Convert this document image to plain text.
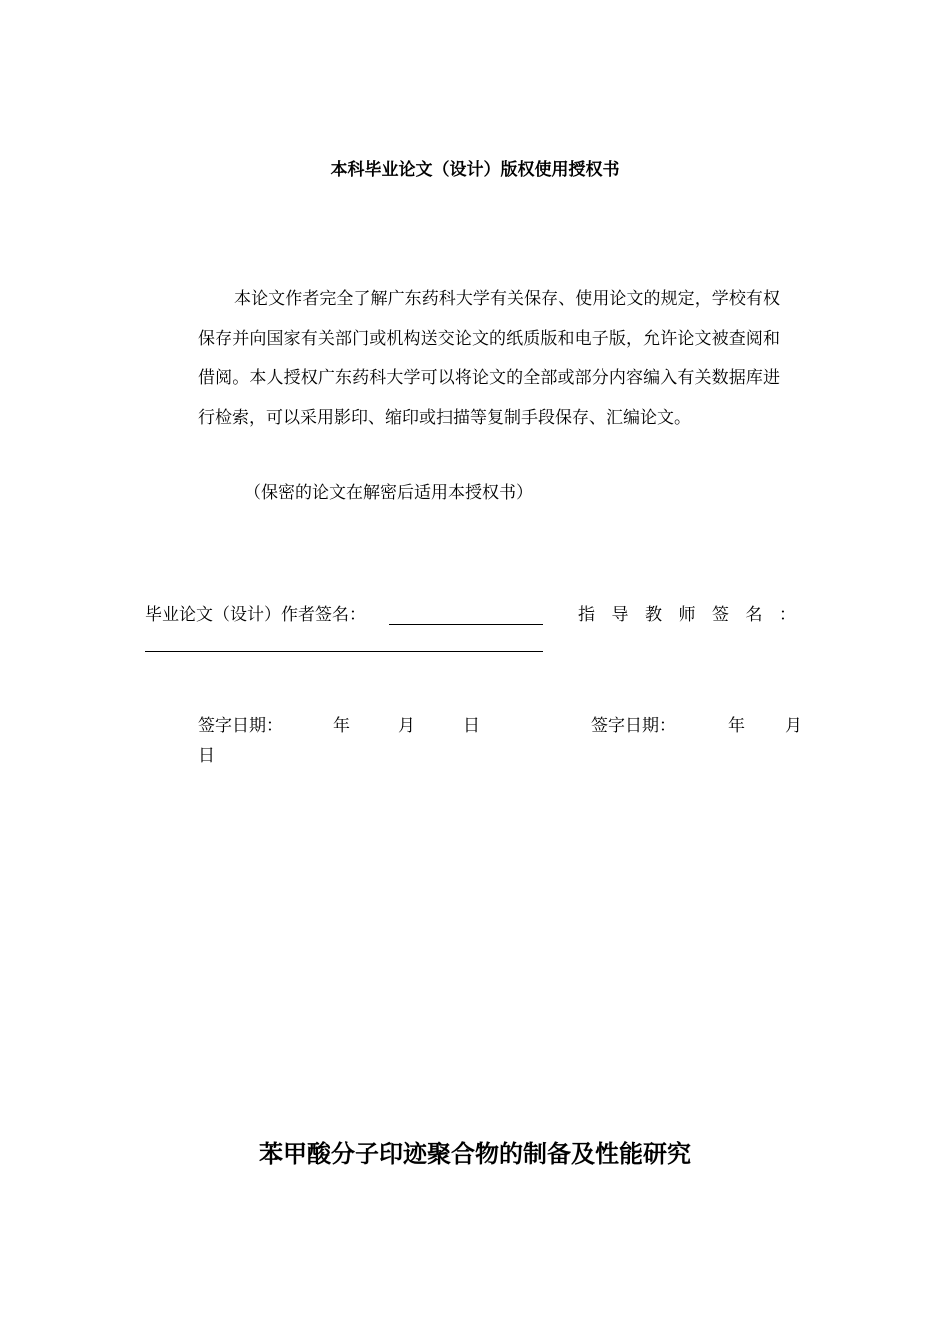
本科毕业论文（设计）版权使用授权书
本论文作者完全了解广东药科大学有关保存、使用论文的规定，学校有权保存并向国家有关部门或机构送交论文的纸质版和电子版，允许论文被查阅和借阅。本人授权广东药科大学可以将论文的全部或部分内容编入有关数据库进行检索，可以采用影印、缩印或扫描等复制手段保存、汇编论文。
（保密的论文在解密后适用本授权书）
毕业论文（设计）作者签名：	指 导 教 师 签 名 ：
签字日期：	年	月	日	签字日期：	年 月
日
苯甲酸分子印迹聚合物的制备及性能研究
